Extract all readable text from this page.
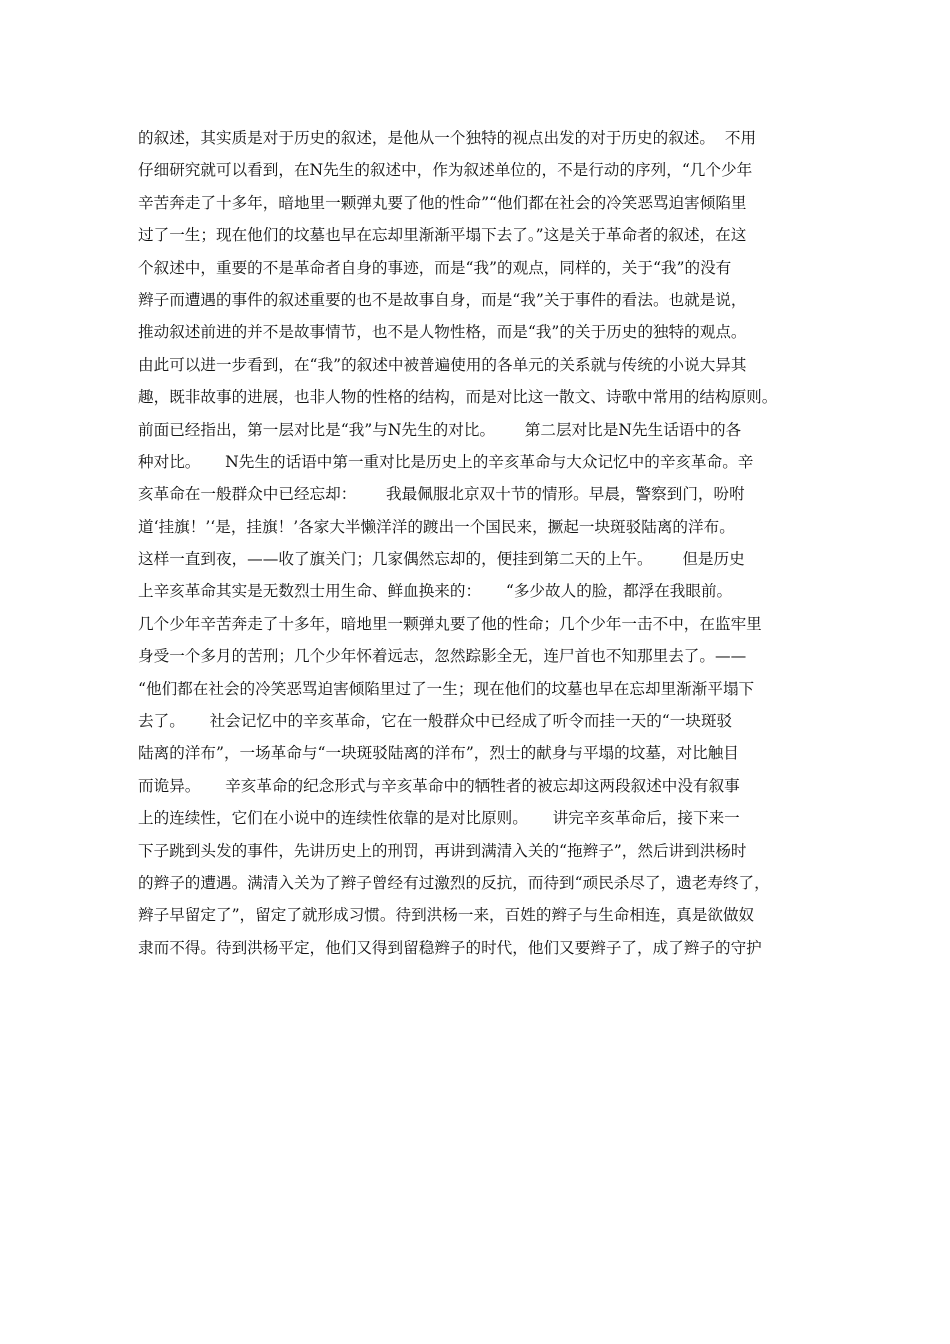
的叙述，其实质是对于历史的叙述，是他从一个独特的视点出发的对于历史的叙述。  不用
仔细研究就可以看到，在N先生的叙述中，作为叙述单位的，不是行动的序列，“几个少年
辛苦奔走了十多年，暗地里一颗弹丸要了他的性命”“他们都在社会的冷笑恶骂迫害倾陷里
过了一生；现在他们的坟墓也早在忘却里渐渐平塌下去了。”这是关于革命者的叙述，在这
个叙述中，重要的不是革命者自身的事迹，而是“我”的观点，同样的，关于“我”的没有
辫子而遭遇的事件的叙述重要的也不是故事自身，而是“我”关于事件的看法。也就是说，
推动叙述前进的并不是故事情节，也不是人物性格，而是“我”的关于历史的独特的观点。
由此可以进一步看到，在“我”的叙述中被普遍使用的各单元的关系就与传统的小说大异其
趣，既非故事的进展，也非人物的性格的结构，而是对比这一散文、诗歌中常用的结构原则。
前面已经指出，第一层对比是“我”与N先生的对比。      第二层对比是N先生话语中的各
种对比。     N先生的话语中第一重对比是历史上的辛亥革命与大众记忆中的辛亥革命。辛
亥革命在一般群众中已经忘却：      我最佩服北京双十节的情形。早晨，警察到门，吩咐
道‘挂旗！’‘是，挂旗！’各家大半懒洋洋的踱出一个国民来，撅起一块斑驳陆离的洋布。
这样一直到夜，——收了旗关门；几家偶然忘却的，便挂到第二天的上午。      但是历史
上辛亥革命其实是无数烈士用生命、鲜血换来的：     “多少故人的脸，都浮在我眼前。
几个少年辛苦奔走了十多年，暗地里一颗弹丸要了他的性命；几个少年一击不中，在监牢里
身受一个多月的苦刑；几个少年怀着远志，忽然踪影全无，连尸首也不知那里去了。——
“他们都在社会的冷笑恶骂迫害倾陷里过了一生；现在他们的坟墓也早在忘却里渐渐平塌下
去了。     社会记忆中的辛亥革命，它在一般群众中已经成了听令而挂一天的“一块斑驳
陆离的洋布”，一场革命与“一块斑驳陆离的洋布”，烈士的献身与平塌的坟墓，对比触目
而诡异。     辛亥革命的纪念形式与辛亥革命中的牺牲者的被忘却这两段叙述中没有叙事
上的连续性，它们在小说中的连续性依靠的是对比原则。     讲完辛亥革命后，接下来一
下子跳到头发的事件，先讲历史上的刑罚，再讲到满清入关的“拖辫子”，然后讲到洪杨时
的辫子的遭遇。满清入关为了辫子曾经有过激烈的反抗，而待到“顽民杀尽了，遗老寿终了，
辫子早留定了”，留定了就形成习惯。待到洪杨一来，百姓的辫子与生命相连，真是欲做奴
隶而不得。待到洪杨平定，他们又得到留稳辫子的时代，他们又要辫子了，成了辫子的守护
